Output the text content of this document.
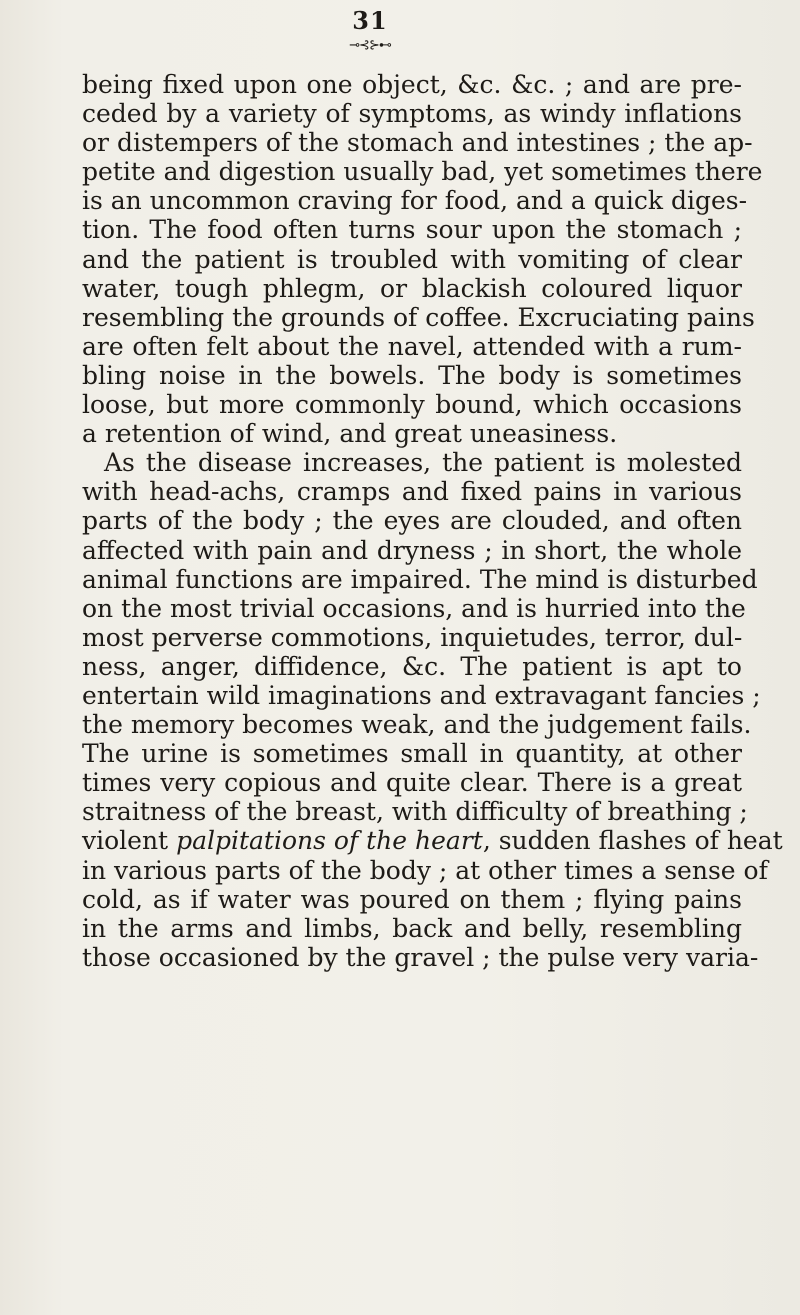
31
⊸⊰⊱⊷
being fixed upon one object, &c. &c. ; and are pre-
ceded by a variety of symptoms, as windy inflations
or distempers of the stomach and intestines ; the ap-
petite and digestion usually bad, yet sometimes there
is an uncommon craving for food, and a quick diges-
tion. The food often turns sour upon the stomach ;
and the patient is troubled with vomiting of clear
water, tough phlegm, or blackish coloured liquor
resembling the grounds of coffee. Excruciating pains
are often felt about the navel, attended with a rum-
bling noise in the bowels. The body is sometimes
loose, but more commonly bound, which occasions
a retention of wind, and great uneasiness.
As the disease increases, the patient is molested
with head-achs, cramps and fixed pains in various
parts of the body ; the eyes are clouded, and often
affected with pain and dryness ; in short, the whole
animal functions are impaired. The mind is disturbed
on the most trivial occasions, and is hurried into the
most perverse commotions, inquietudes, terror, dul-
ness, anger, diffidence, &c. The patient is apt to
entertain wild imaginations and extravagant fancies ;
the memory becomes weak, and the judgement fails.
The urine is sometimes small in quantity, at other
times very copious and quite clear. There is a great
straitness of the breast, with difficulty of breathing ;
violent palpitations of the heart, sudden flashes of heat
in various parts of the body ; at other times a sense of
cold, as if water was poured on them ; flying pains
in the arms and limbs, back and belly, resembling
those occasioned by the gravel ; the pulse very varia-
